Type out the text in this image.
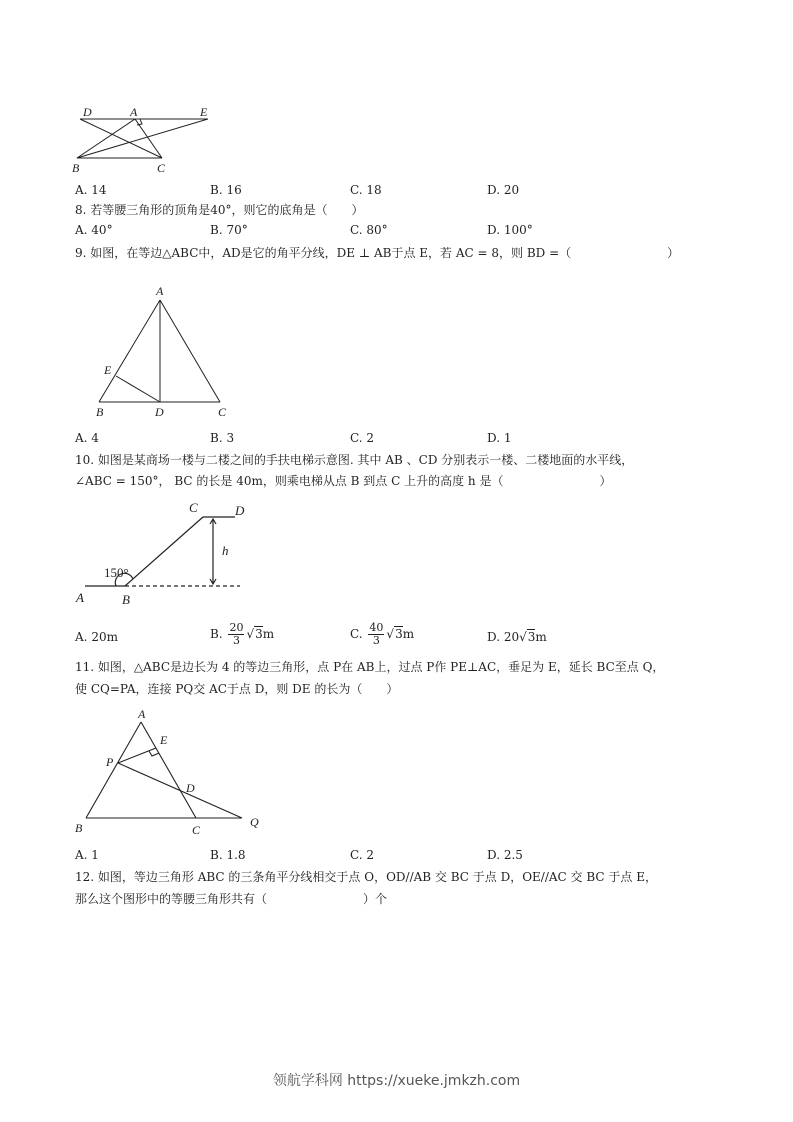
D	A	E
B	C
A. 14	B. 16	C. 18	D. 20
8. 若等腰三角形的顶角是40°，则它的底角是（　　）
A. 40°	B. 70°	C. 80°	D. 100°
9. 如图，在等边△ABC中，AD是它的角平分线，DE ⊥ AB于点 E，若 AC = 8，则 BD =（　　　　　　　　）
A
E
B	D	C
A. 4	B. 3	C. 2	D. 1
10. 如图是某商场一楼与二楼之间的手扶电梯示意图. 其中 AB 、CD 分别表示一楼、二楼地面的水平线，
∠ABC = 150°， BC 的长是 40m，则乘电梯从点 B 到点 C 上升的高度 h 是（　　　　　　　　）
C	D
h
150°
A	B
A. 20m	B. $\frac{20}{3} √3m$	C. $\frac{40}{3} √3m$	D. 20√3m
11. 如图，△ABC是边长为 4 的等边三角形，点 P在 AB上，过点 P作 PE⊥AC，垂足为 E，延长 BC至点 Q，
使 CQ=PA，连接 PQ交 AC于点 D，则 DE 的长为（　　）
A
E
P
D
B	C
Q
A. 1	B. 1.8	C. 2	D. 2.5
12. 如图，等边三角形 ABC 的三条角平分线相交于点 O，OD//AB 交 BC 于点 D，OE//AC 交 BC 于点 E，
那么这个图形中的等腰三角形共有（　　　　　　　　）个
领航学科网 https://xueke.jmkzh.com
